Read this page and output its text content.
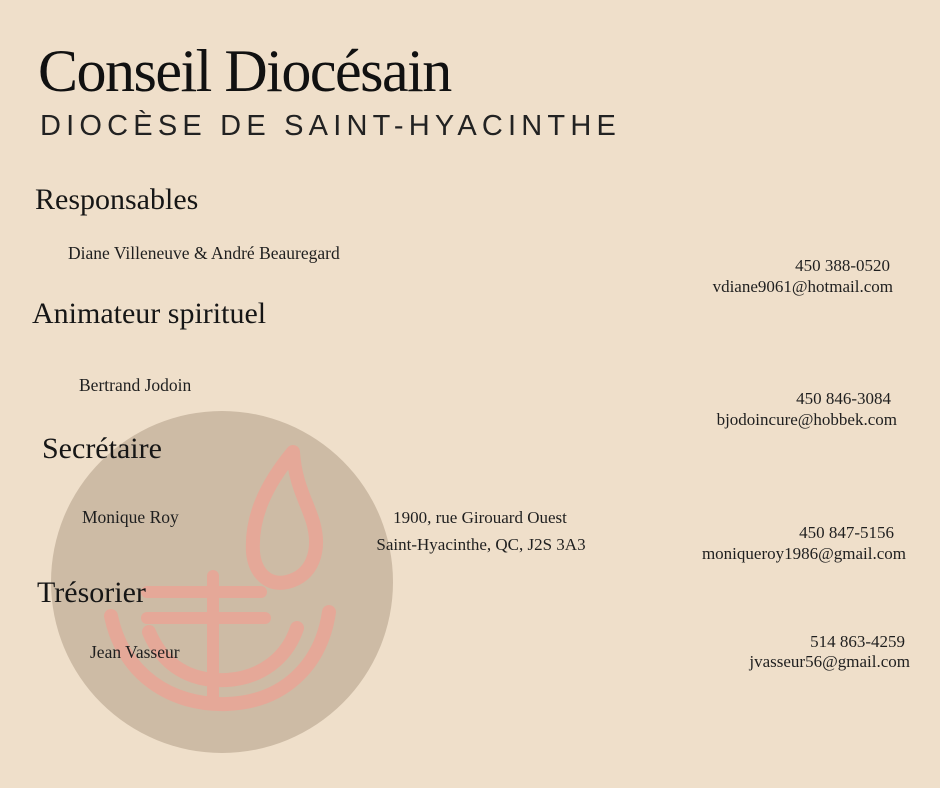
Conseil Diocésain
DIOCÈSE DE SAINT-HYACINTHE
Responsables
Diane Villeneuve & André Beauregard
450 388-0520
vdiane9061@hotmail.com
Animateur spirituel
Bertrand Jodoin
450 846-3084
bjodoincure@hobbek.com
Secrétaire
Monique Roy	1900, rue Girouard Ouest
Saint-Hyacinthe, QC, J2S 3A3
450 847-5156
moniqueroy1986@gmail.com
Trésorier
Jean Vasseur
514 863-4259
jvasseur56@gmail.com
